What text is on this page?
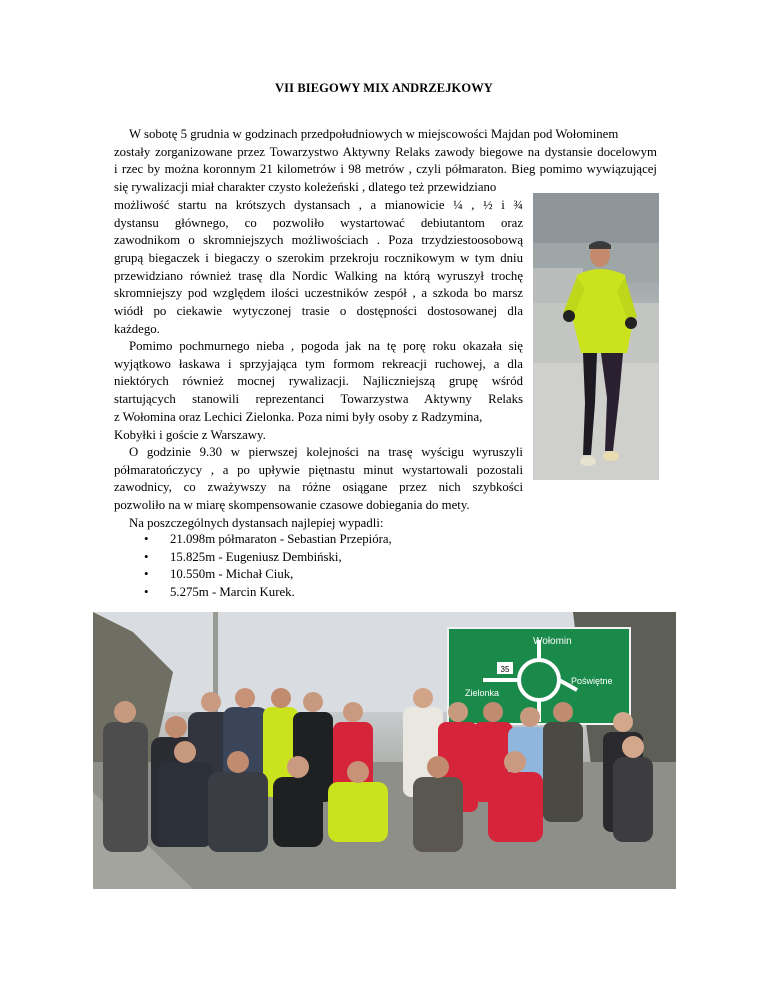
VII BIEGOWY MIX ANDRZEJKOWY
W sobotę 5 grudnia w godzinach przedpołudniowych w miejscowości Majdan pod Wołominem
zostały zorganizowane przez Towarzystwo Aktywny Relaks zawody biegowe na dystansie docelowym
i rzec by można koronnym 21 kilometrów i 98 metrów , czyli półmaraton. Bieg pomimo wywiązującej
się rywalizacji miał charakter czysto koleżeński , dlatego też przewidziano
możliwość startu na krótszych dystansach , a mianowicie ¼ , ½ i ¾
dystansu głównego, co pozwoliło wystartować debiutantom oraz
zawodnikom o skromniejszych możliwościach . Poza trzydziestoosobową
grupą biegaczek i biegaczy o szerokim przekroju rocznikowym w tym dniu
przewidziano również trasę dla Nordic Walking na którą wyruszył trochę
skromniejszy pod względem ilości uczestników zespół , a szkoda bo marsz
wiódł po ciekawie wytyczonej trasie o dostępności dostosowanej dla
każdego.
Pomimo pochmurnego nieba , pogoda jak na tę porę roku okazała się
wyjątkowo łaskawa i sprzyjająca tym formom rekreacji ruchowej, a dla
niektórych również mocnej rywalizacji. Najliczniejszą grupę wśród
startujących stanowili reprezentanci Towarzystwa Aktywny Relaks
z Wołomina oraz Lechici Zielonka. Poza nimi były osoby z Radzymina,
Kobyłki i goście z Warszawy.
O godzinie 9.30 w pierwszej kolejności na trasę wyścigu wyruszyli
półmaratończycy , a po upływie piętnastu minut wystartowali pozostali
zawodnicy, co zważywszy na różne osiągane przez nich szybkości
pozwoliło na w miarę skompensowanie czasowe dobiegania do mety.
Na poszczególnych dystansach najlepiej wypadli:
• 21.098m półmaraton - Sebastian Przepióra,
• 15.825m - Eugeniusz Dembiński,
• 10.550m - Michał Ciuk,
• 5.275m - Marcin Kurek.
35
Wołomin
Zielonka
Poświętne
